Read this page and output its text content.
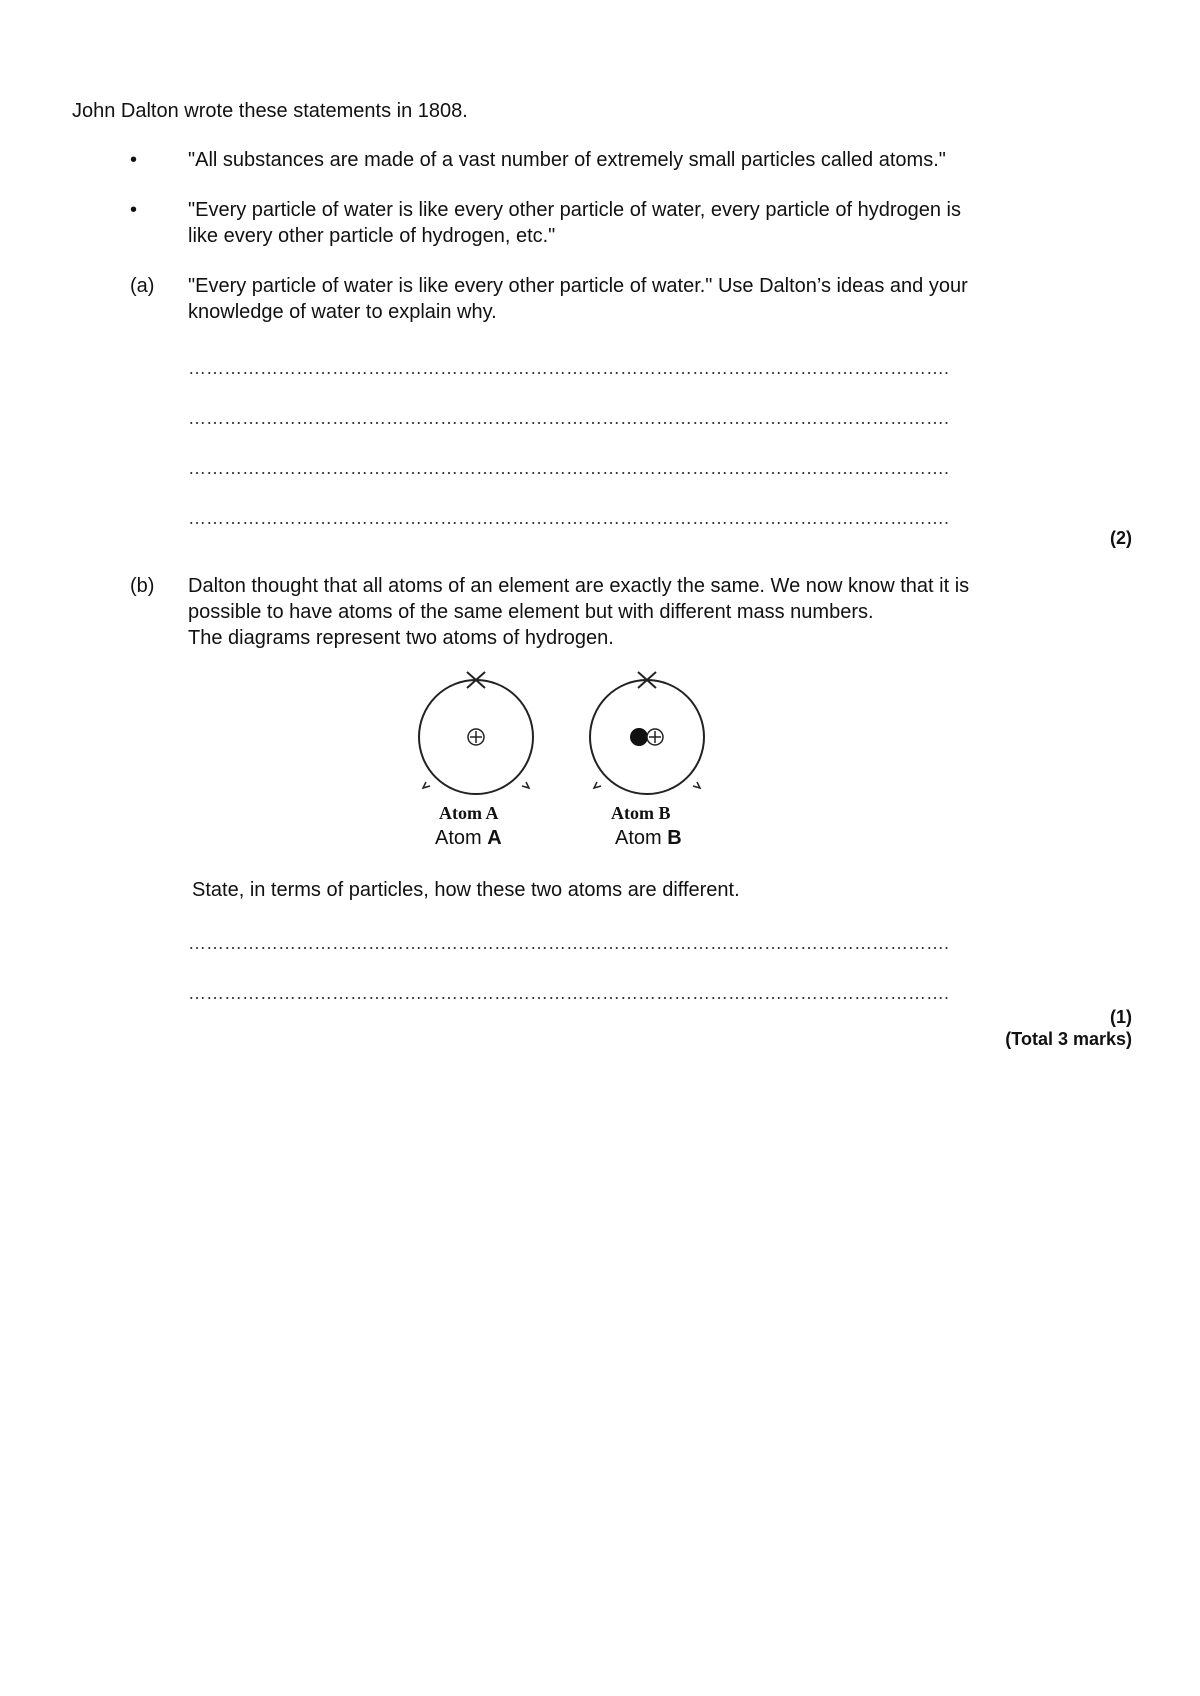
John Dalton wrote these statements in 1808.
•	"All substances are made of a vast number of extremely small particles called atoms."
•	"Every particle of water is like every other particle of water, every particle of hydrogen is
like every other particle of hydrogen, etc."
(a) "Every particle of water is like every other particle of water." Use Dalton’s ideas and your
knowledge of water to explain why.
……………………………………………………………………………………………………………….
……………………………………………………………………………………………………………….
……………………………………………………………………………………………………………….
……………………………………………………………………………………………………………….
(2)
(b) Dalton thought that all atoms of an element are exactly the same. We now know that it is
possible to have atoms of the same element but with different mass numbers.
The diagrams represent two atoms of hydrogen.
Atom A	Atom B
Atom A	Atom B
State, in terms of particles, how these two atoms are different.
……………………………………………………………………………………………………………….
……………………………………………………………………………………………………………….
(1)
(Total 3 marks)
